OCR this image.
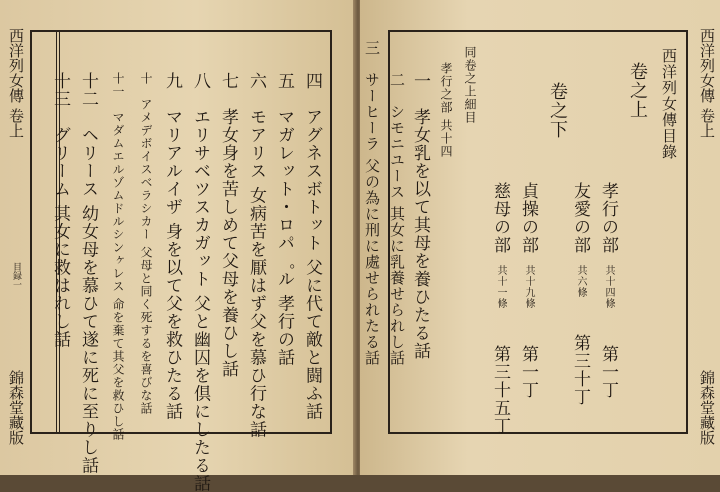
西洋列女傳 卷上	四　アグネスボトット 父に代て敵と闘ふ話
五　マガレット・ロパ゜ル 孝行の話
六　モアリス 女病苦を厭はず父を慕ひ行な話
七　孝女身を苦しめて父母を養ひし話
八　エリサベツスカガット 父と幽囚を倶にしたる話
九　マリアルイザ 身を以て父を救ひたる話
十　アメデボイスベラシカー 父母と同く死するを喜びな話
十一　マダムエルゾムドルシンヶレス 命を棄て其父を救ひし話
十二　ヘリース 幼女母を慕ひて遂に死に至りし話
十三　グリーム 其女に救はれし話
目録一
錦森堂藏版
西洋列女傳目錄
卷之上
孝行の部　共十四條　　第一丁
友愛の部　共六條　　第三十丁
卷之下
貞操の部　共十九條　　第一丁
慈母の部　共十一條　　第三十五丁
同卷之上細目
孝行之部 共十四
一　孝女乳を以て其母を養ひたる話
二　シモニユース 其女に乳養せられし話
三　サーヒーラ 父の為に刑に處せられたる話	西洋列女傳 卷上
錦森堂藏版
